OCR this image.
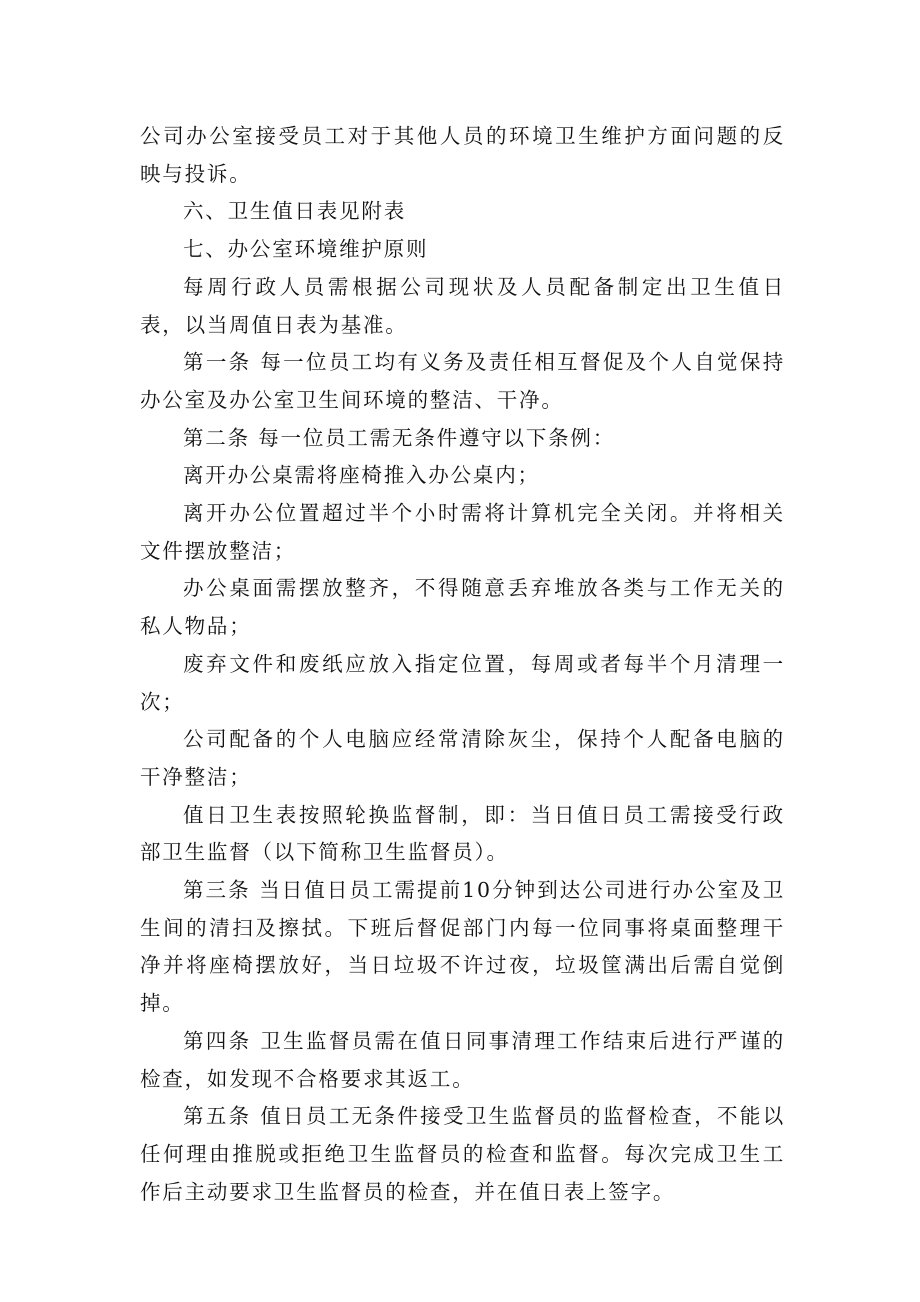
公司办公室接受员工对于其他人员的环境卫生维护方面问题的反映与投诉。

六、卫生值日表见附表

七、办公室环境维护原则

每周行政人员需根据公司现状及人员配备制定出卫生值日表，以当周值日表为基准。

第一条 每一位员工均有义务及责任相互督促及个人自觉保持办公室及办公室卫生间环境的整洁、干净。

第二条 每一位员工需无条件遵守以下条例：

离开办公桌需将座椅推入办公桌内；

离开办公位置超过半个小时需将计算机完全关闭。并将相关文件摆放整洁；

办公桌面需摆放整齐，不得随意丢弃堆放各类与工作无关的私人物品；

废弃文件和废纸应放入指定位置，每周或者每半个月清理一次；

公司配备的个人电脑应经常清除灰尘，保持个人配备电脑的干净整洁；

值日卫生表按照轮换监督制，即：当日值日员工需接受行政部卫生监督（以下简称卫生监督员）。

第三条 当日值日员工需提前10分钟到达公司进行办公室及卫生间的清扫及擦拭。下班后督促部门内每一位同事将桌面整理干净并将座椅摆放好，当日垃圾不许过夜，垃圾筐满出后需自觉倒掉。

第四条 卫生监督员需在值日同事清理工作结束后进行严谨的检查，如发现不合格要求其返工。

第五条 值日员工无条件接受卫生监督员的监督检查，不能以任何理由推脱或拒绝卫生监督员的检查和监督。每次完成卫生工作后主动要求卫生监督员的检查，并在值日表上签字。
